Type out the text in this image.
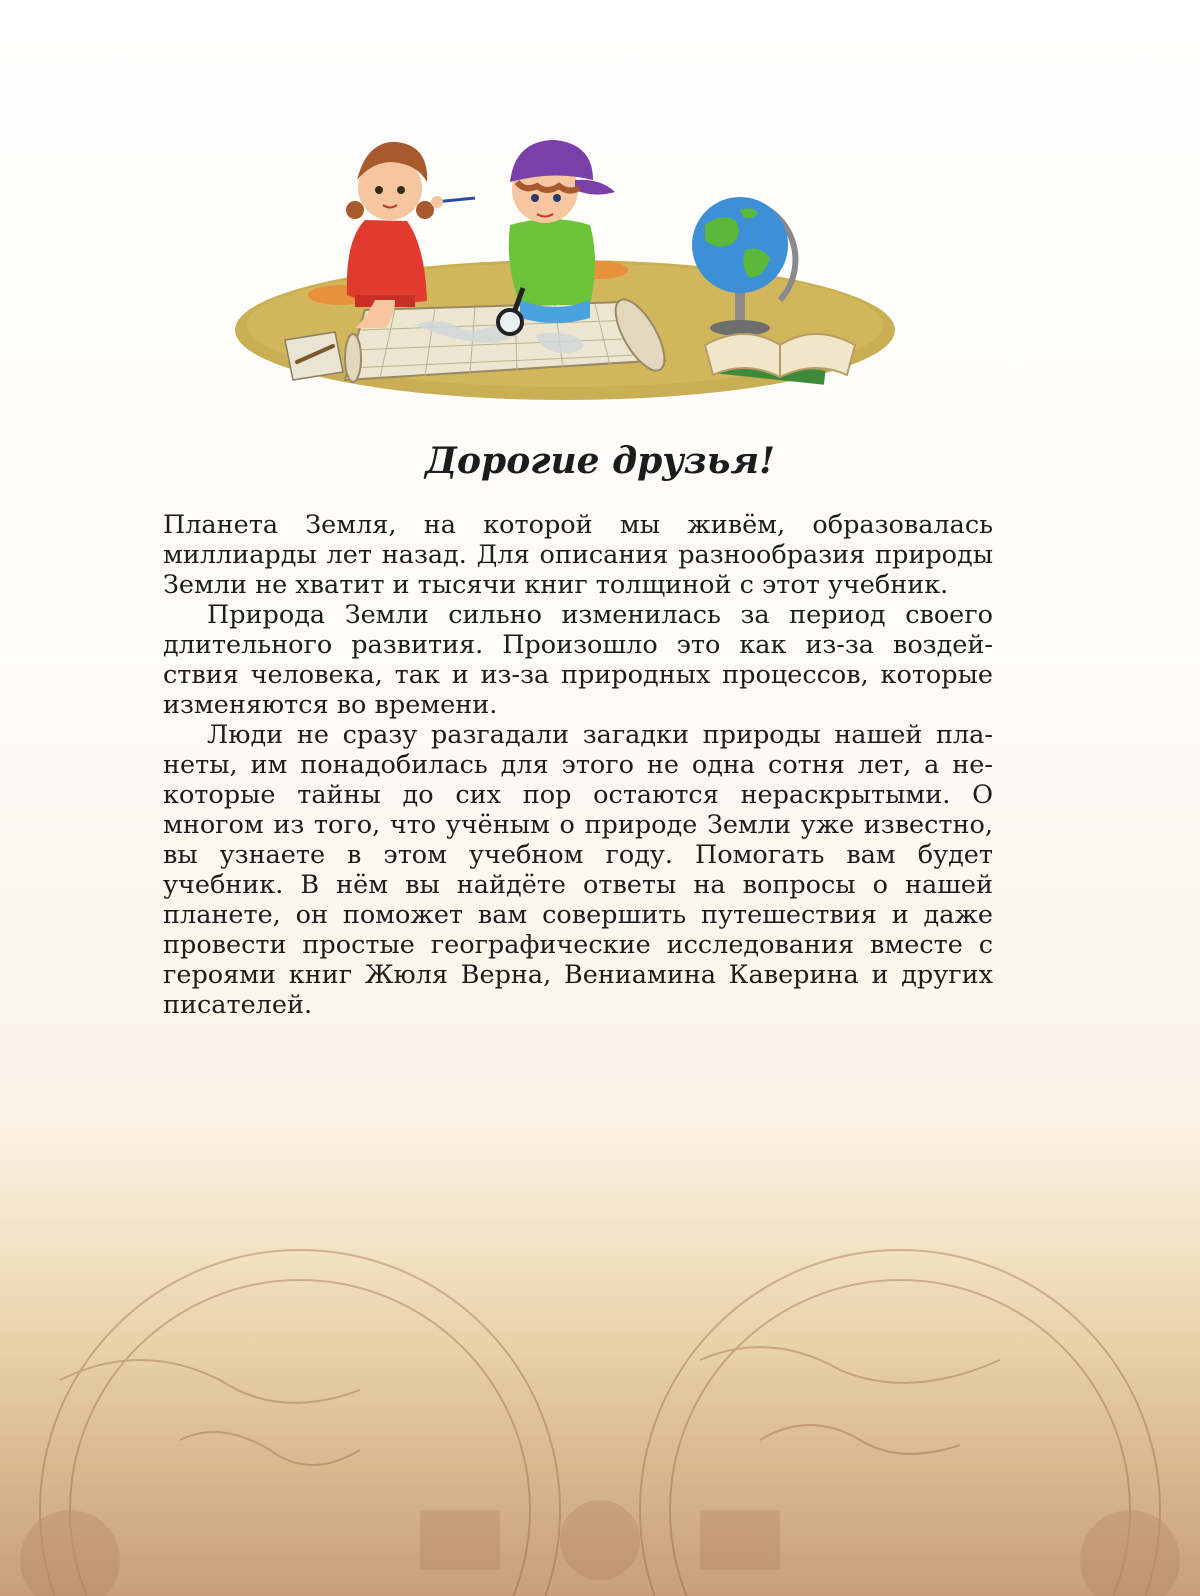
Дорогие друзья!

Планета Земля, на которой мы живём, образовалась миллиарды лет назад. Для описания разнообразия природы Земли не хватит и тысячи книг толщиной с этот учебник.

Природа Земли сильно изменилась за период своего длительного развития. Произошло это как из-за воздействия человека, так и из-за природных процессов, которые изменяются во времени.

Люди не сразу разгадали загадки природы нашей планеты, им понадобилась для этого не одна сотня лет, а некоторые тайны до сих пор остаются нераскрытыми. О многом из того, что учёным о природе Земли уже известно, вы узнаете в этом учебном году. Помогать вам будет учебник. В нём вы найдёте ответы на вопросы о нашей планете, он поможет вам совершить путешествия и даже провести простые географические исследования вместе с героями книг Жюля Верна, Вениамина Каверина и других писателей.
